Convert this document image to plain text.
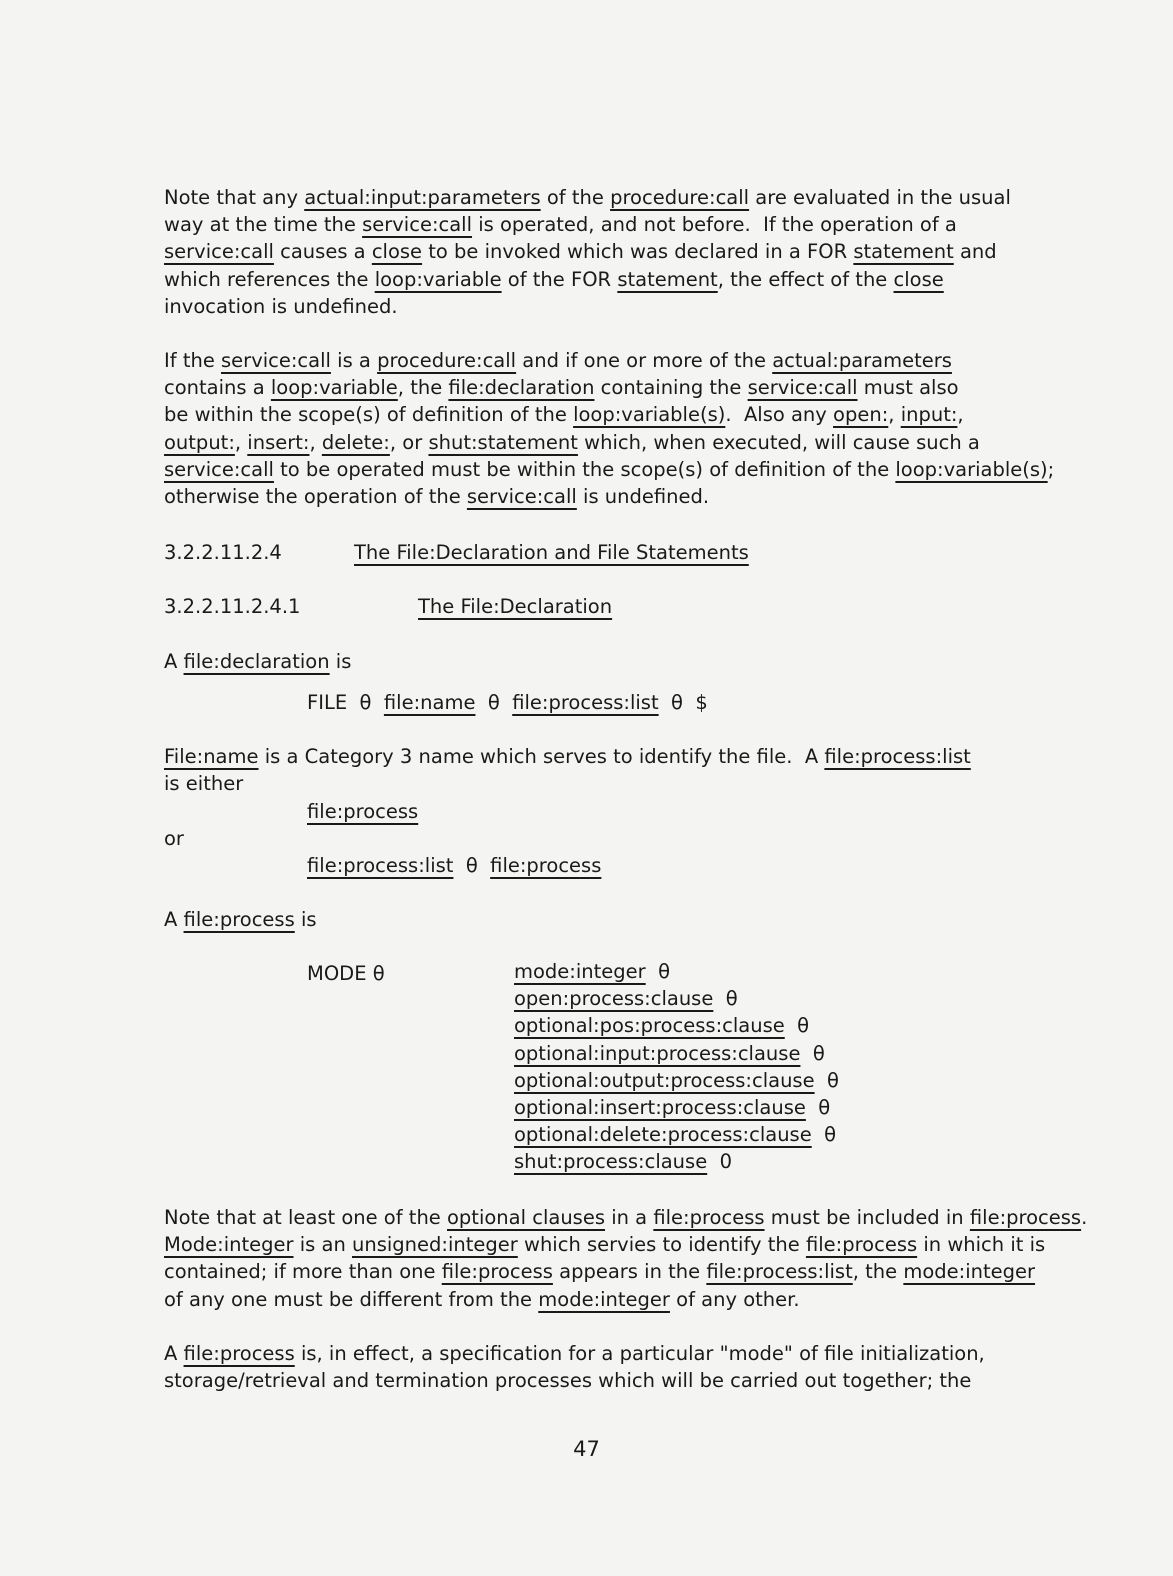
Note that any actual:input:parameters of the procedure:call are evaluated in the usual
way at the time the service:call is operated, and not before.  If the operation of a
service:call causes a close to be invoked which was declared in a FOR statement and
which references the loop:variable of the FOR statement, the effect of the close
invocation is undefined.
If the service:call is a procedure:call and if one or more of the actual:parameters
contains a loop:variable, the file:declaration containing the service:call must also
be within the scope(s) of definition of the loop:variable(s).  Also any open:, input:,
output:, insert:, delete:, or shut:statement which, when executed, will cause such a
service:call to be operated must be within the scope(s) of definition of the loop:variable(s);
otherwise the operation of the service:call is undefined.
3.2.2.11.2.4	The File:Declaration and File Statements
3.2.2.11.2.4.1	The File:Declaration
A file:declaration is
FILE  θ  file:name  θ  file:process:list  θ  $
File:name is a Category 3 name which serves to identify the file.  A file:process:list
is either
file:process
or
file:process:list  θ  file:process
A file:process is
MODE θ	mode:integer  θ
open:process:clause  θ
optional:pos:process:clause  θ
optional:input:process:clause  θ
optional:output:process:clause  θ
optional:insert:process:clause  θ
optional:delete:process:clause  θ
shut:process:clause  0
Note that at least one of the optional clauses in a file:process must be included in file:process.
Mode:integer is an unsigned:integer which servies to identify the file:process in which it is
contained; if more than one file:process appears in the file:process:list, the mode:integer
of any one must be different from the mode:integer of any other.
A file:process is, in effect, a specification for a particular "mode" of file initialization,
storage/retrieval and termination processes which will be carried out together; the
47
